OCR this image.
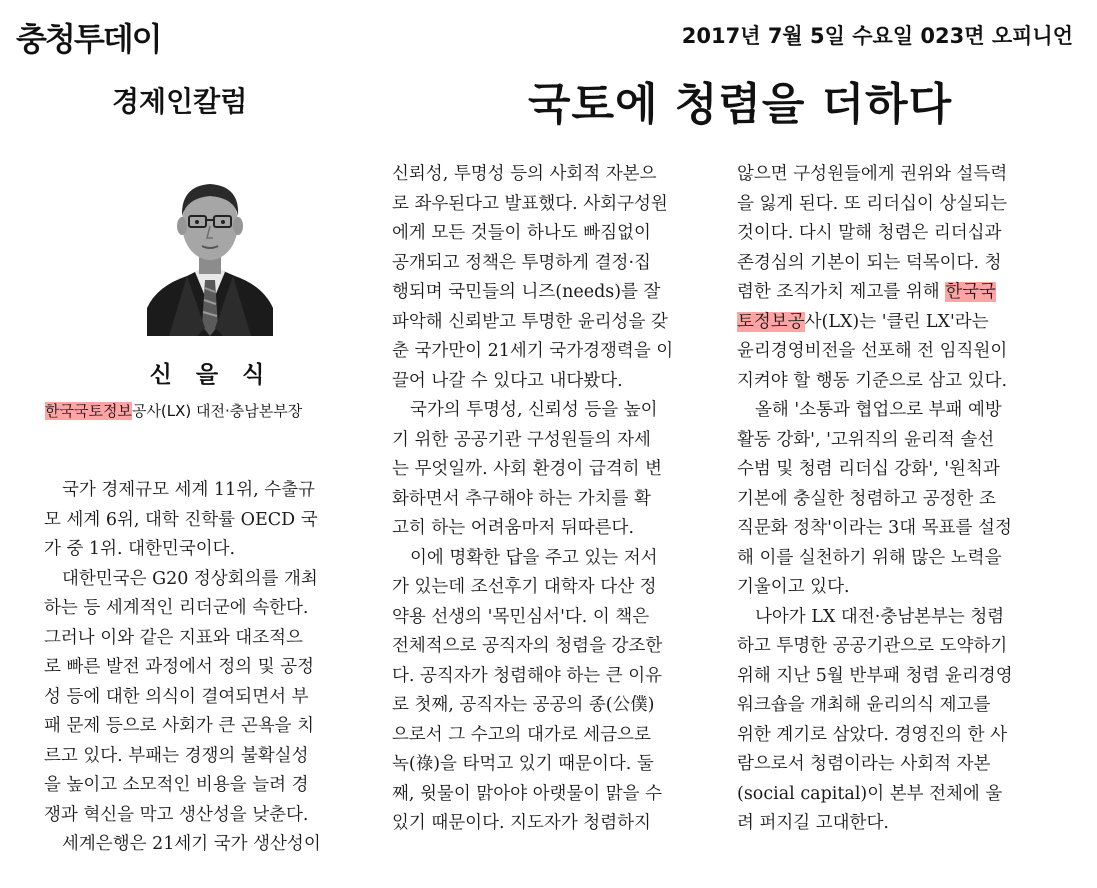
충청투데이	2017년 7월 5일 수요일 023면 오피니언
경제인칼럼	국토에 청렴을 더하다
신 을 식
한국국토정보공사(LX) 대전·충남본부장
국가 경제규모 세계 11위, 수출규
모 세계 6위, 대학 진학률 OECD 국
가 중 1위. 대한민국이다.
대한민국은 G20 정상회의를 개최
하는 등 세계적인 리더군에 속한다.
그러나 이와 같은 지표와 대조적으
로 빠른 발전 과정에서 정의 및 공정
성 등에 대한 의식이 결여되면서 부
패 문제 등으로 사회가 큰 곤욕을 치
르고 있다. 부패는 경쟁의 불확실성
을 높이고 소모적인 비용을 늘려 경
쟁과 혁신을 막고 생산성을 낮춘다.
세계은행은 21세기 국가 생산성이
신뢰성, 투명성 등의 사회적 자본으
로 좌우된다고 발표했다. 사회구성원
에게 모든 것들이 하나도 빠짐없이
공개되고 정책은 투명하게 결정·집
행되며 국민들의 니즈(needs)를 잘
파악해 신뢰받고 투명한 윤리성을 갖
춘 국가만이 21세기 국가경쟁력을 이
끌어 나갈 수 있다고 내다봤다.
국가의 투명성, 신뢰성 등을 높이
기 위한 공공기관 구성원들의 자세
는 무엇일까. 사회 환경이 급격히 변
화하면서 추구해야 하는 가치를 확
고히 하는 어려움마저 뒤따른다.
이에 명확한 답을 주고 있는 저서
가 있는데 조선후기 대학자 다산 정
약용 선생의 '목민심서'다. 이 책은
전체적으로 공직자의 청렴을 강조한
다. 공직자가 청렴해야 하는 큰 이유
로 첫째, 공직자는 공공의 종(公僕)
으로서 그 수고의 대가로 세금으로
녹(祿)을 타먹고 있기 때문이다. 둘
째, 윗물이 맑아야 아랫물이 맑을 수
있기 때문이다. 지도자가 청렴하지
않으면 구성원들에게 권위와 설득력
을 잃게 된다. 또 리더십이 상실되는
것이다. 다시 말해 청렴은 리더십과
존경심의 기본이 되는 덕목이다. 청
렴한 조직가치 제고를 위해 한국국
토정보공사(LX)는 '클린 LX'라는
윤리경영비전을 선포해 전 임직원이
지켜야 할 행동 기준으로 삼고 있다.
올해 '소통과 협업으로 부패 예방
활동 강화', '고위직의 윤리적 솔선
수범 및 청렴 리더십 강화', '원칙과
기본에 충실한 청렴하고 공정한 조
직문화 정착'이라는 3대 목표를 설정
해 이를 실천하기 위해 많은 노력을
기울이고 있다.
나아가 LX 대전·충남본부는 청렴
하고 투명한 공공기관으로 도약하기
위해 지난 5월 반부패 청렴 윤리경영
워크숍을 개최해 윤리의식 제고를
위한 계기로 삼았다. 경영진의 한 사
람으로서 청렴이라는 사회적 자본
(social capital)이 본부 전체에 울
려 퍼지길 고대한다.
